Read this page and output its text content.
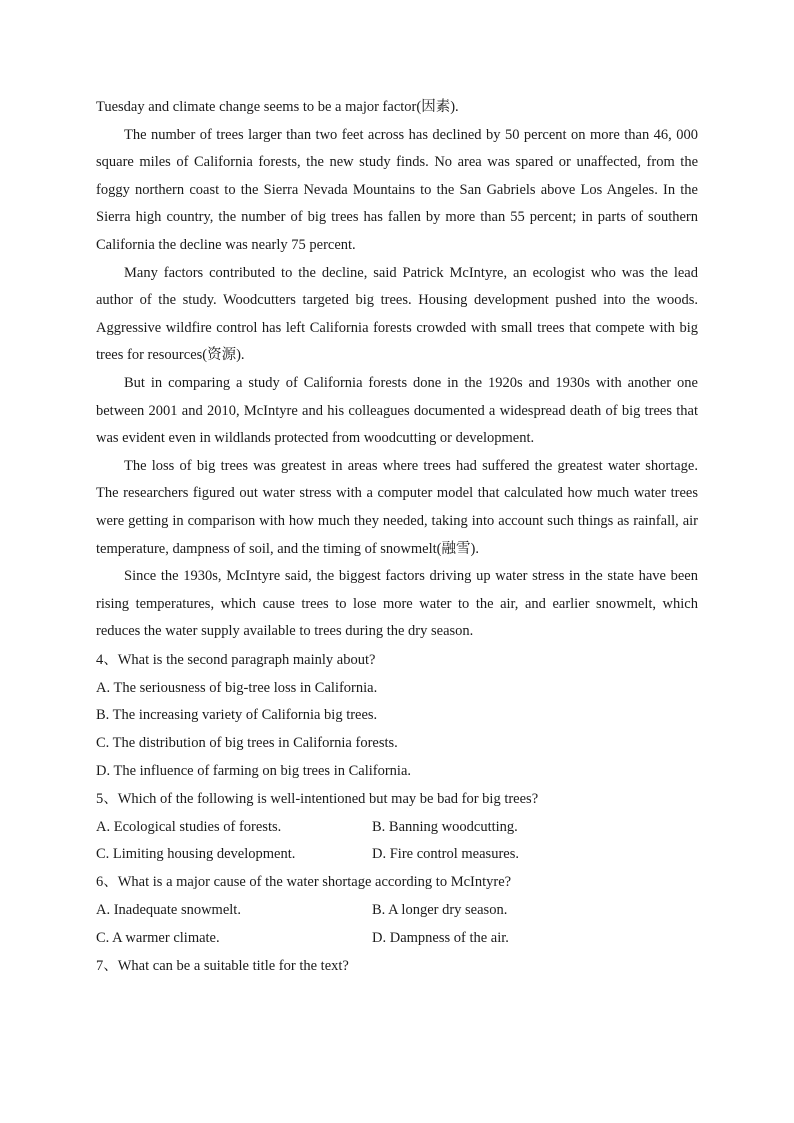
Tuesday and climate change seems to be a major factor(因素).

The number of trees larger than two feet across has declined by 50 percent on more than 46, 000 square miles of California forests, the new study finds. No area was spared or unaffected, from the foggy northern coast to the Sierra Nevada Mountains to the San Gabriels above Los Angeles. In the Sierra high country, the number of big trees has fallen by more than 55 percent; in parts of southern California the decline was nearly 75 percent.

Many factors contributed to the decline, said Patrick McIntyre, an ecologist who was the lead author of the study. Woodcutters targeted big trees. Housing development pushed into the woods. Aggressive wildfire control has left California forests crowded with small trees that compete with big trees for resources(资源).

But in comparing a study of California forests done in the 1920s and 1930s with another one between 2001 and 2010, McIntyre and his colleagues documented a widespread death of big trees that was evident even in wildlands protected from woodcutting or development.

The loss of big trees was greatest in areas where trees had suffered the greatest water shortage. The researchers figured out water stress with a computer model that calculated how much water trees were getting in comparison with how much they needed, taking into account such things as rainfall, air temperature, dampness of soil, and the timing of snowmelt(融雪).

Since the 1930s, McIntyre said, the biggest factors driving up water stress in the state have been rising temperatures, which cause trees to lose more water to the air, and earlier snowmelt, which reduces the water supply available to trees during the dry season.

4、What is the second paragraph mainly about?

A. The seriousness of big-tree loss in California.

B. The increasing variety of California big trees.

C. The distribution of big trees in California forests.

D. The influence of farming on big trees in California.

5、Which of the following is well-intentioned but may be bad for big trees?

A. Ecological studies of forests.	B. Banning woodcutting.
C. Limiting housing development.	D. Fire control measures.

6、What is a major cause of the water shortage according to McIntyre?

A. Inadequate snowmelt.	B. A longer dry season.
C. A warmer climate.	D. Dampness of the air.

7、What can be a suitable title for the text?
